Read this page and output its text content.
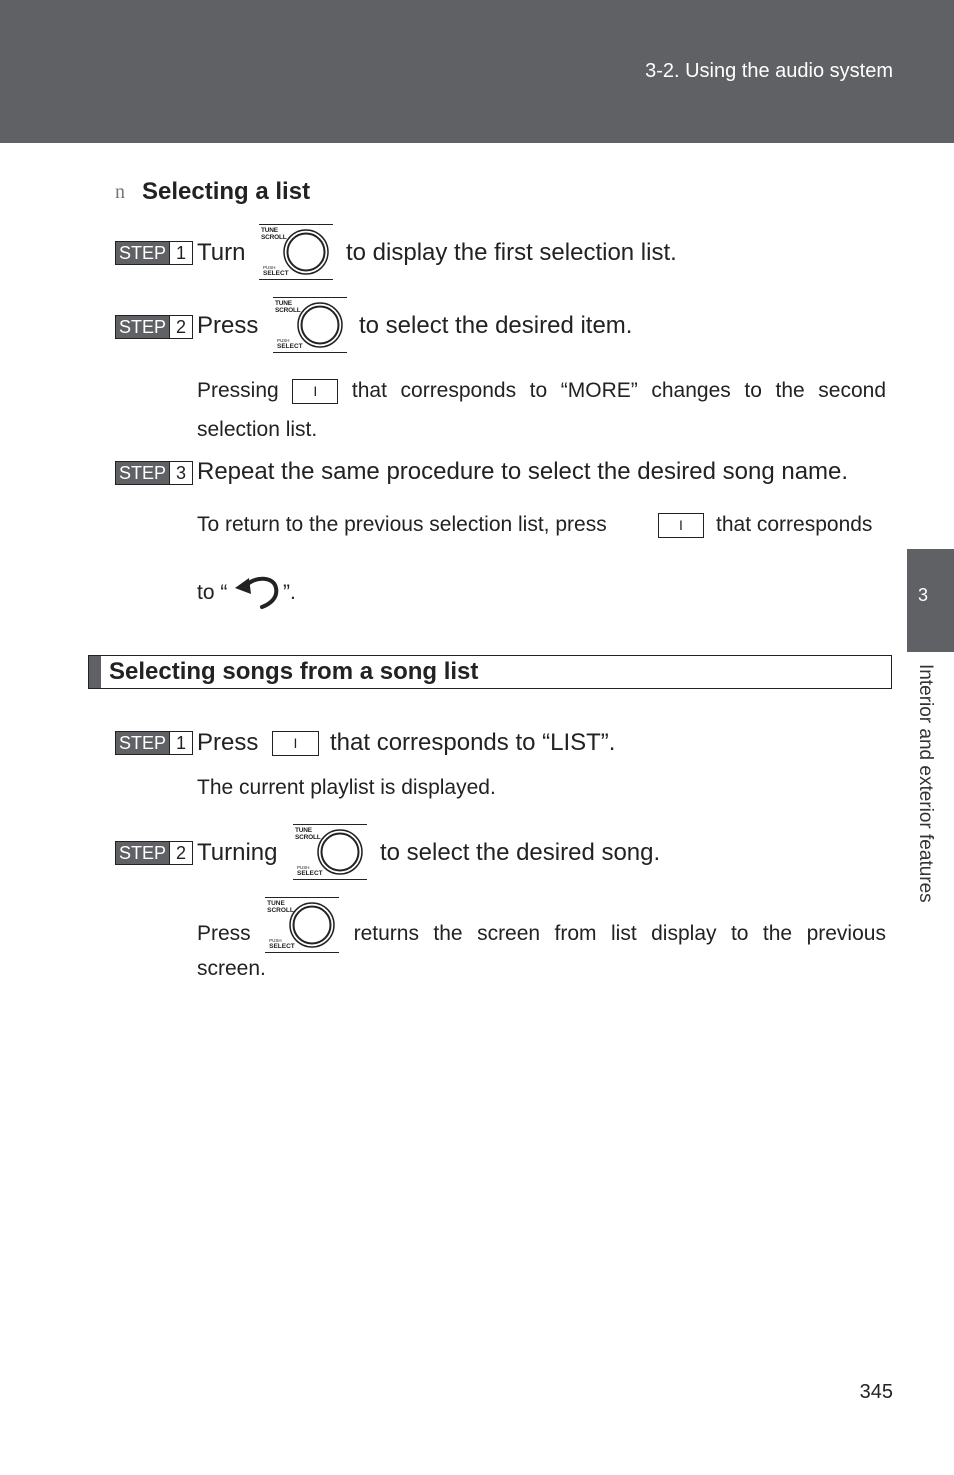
3-2. Using the audio system
3
Interior and exterior features
n Selecting a list
STEP 1 Turn
TUNE
SCROLL
PUSH
SELECT
to display the first selection list.
STEP 2 Press
TUNE
SCROLL
PUSH
SELECT
to select the desired item.
Pressing	I	that corresponds to “MORE” changes to the second
selection list.
STEP 3 Repeat the same procedure to select the desired song name.
To return to the previous selection list, press	I	that corresponds
to “	”.
Selecting songs from a song list
STEP 1 Press	I	that corresponds to “LIST”.
The current playlist is displayed.
STEP 2 Turning
TUNE
SCROLL
PUSH
SELECT
to select the desired song.
Press
TUNE
SCROLL
PUSH
SELECT
returns the screen from list display to the previous
screen.
345
